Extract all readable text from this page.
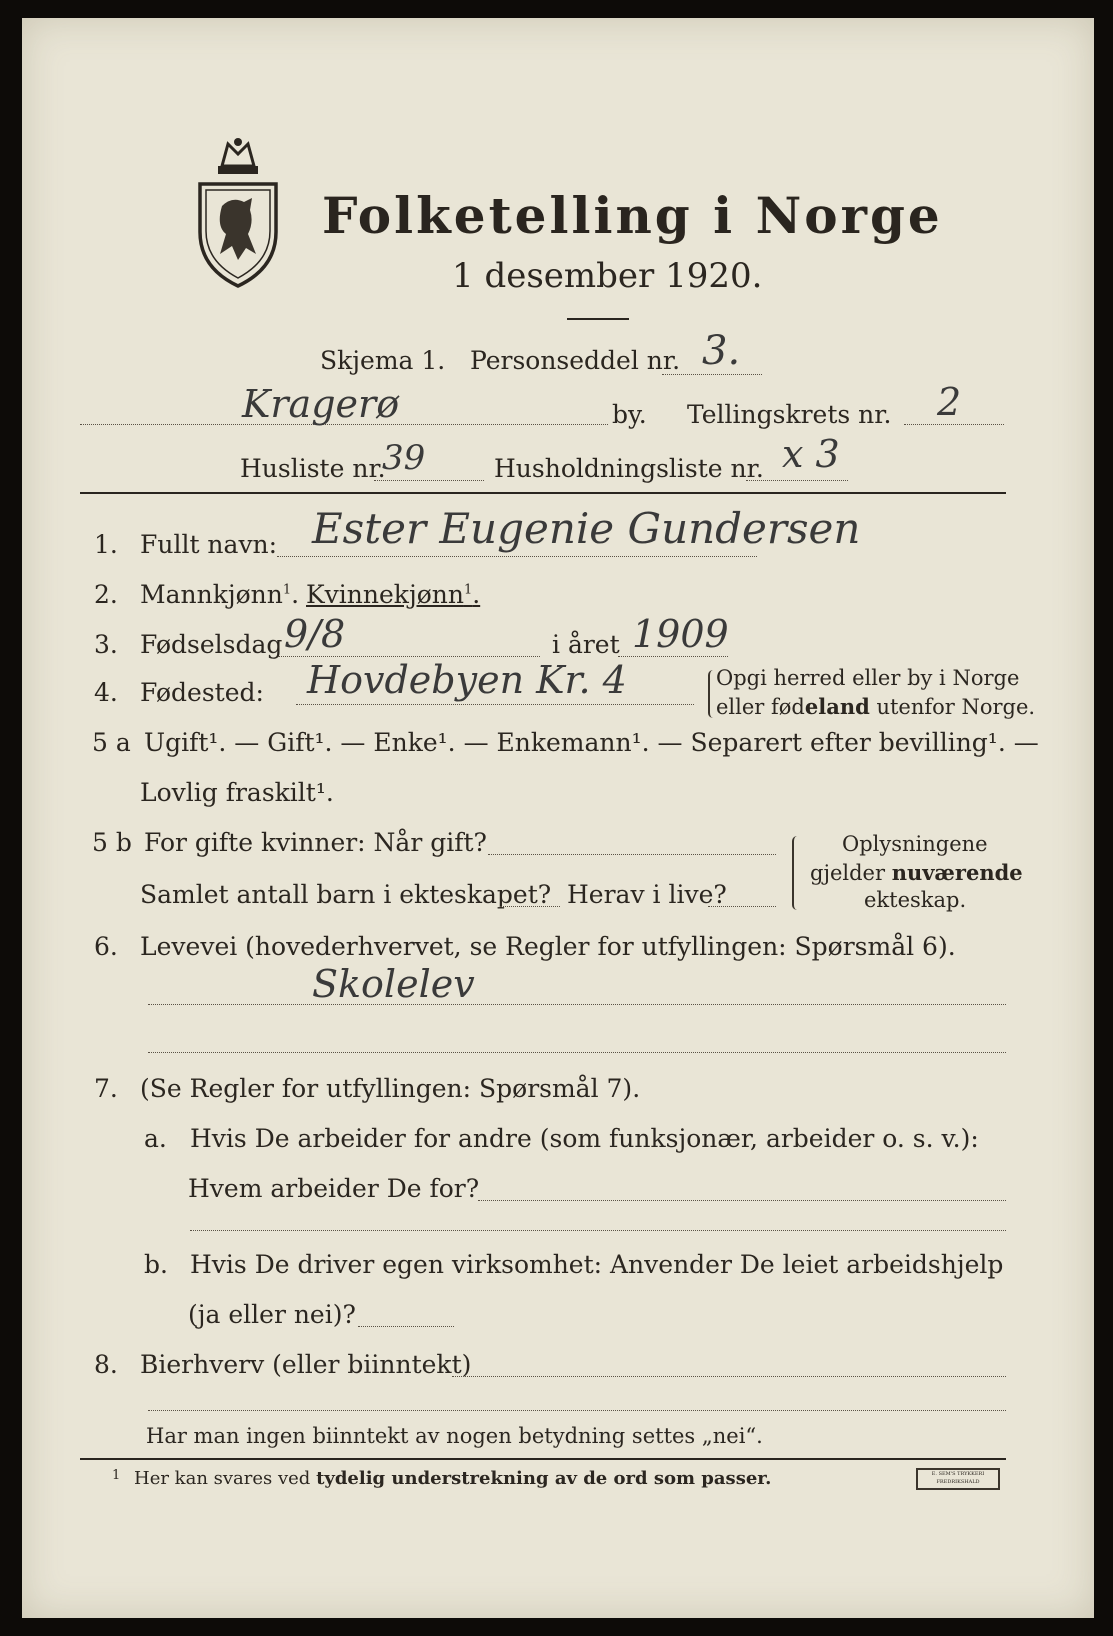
Folketelling i Norge
1 desember 1920.
Skjema 1. Personseddel nr. 3.
Kragerø	by. Tellingskrets nr. 2
Husliste nr.
39	Husholdningsliste nr. x 3
1. Fullt navn: Ester Eugenie Gundersen
2. Mannkjønn$^1$. Kvinnekjønn$^1$.
3. Fødselsdag 9/8	i året 1909
4. Fødested: Hovdebyen Kr. 4	Opgi herred eller by i Norge
eller fødeland utenfor Norge.
5 a Ugift¹. — Gift¹. — Enke¹. — Enkemann¹. — Separert efter bevilling¹. —
Lovlig fraskilt¹.
5 b For gifte kvinner: Når gift?
Samlet antall barn i ekteskapet? Herav i live?
Oplysningene
gjelder nuværende
ekteskap.
6. Levevei (hovederhvervet, se Regler for utfyllingen: Spørsmål 6).
Skolelev
7. (Se Regler for utfyllingen: Spørsmål 7).
a. Hvis De arbeider for andre (som funksjonær, arbeider o. s. v.):
Hvem arbeider De for?
b. Hvis De driver egen virksomhet: Anvender De leiet arbeidshjelp
(ja eller nei)?
8. Bierhverv (eller biinntekt)
Har man ingen biinntekt av nogen betydning settes „nei“.
1 Her kan svares ved tydelig understrekning av de ord som passer.	E. SEM'S TRYKKERI FREDRIKSHALD
